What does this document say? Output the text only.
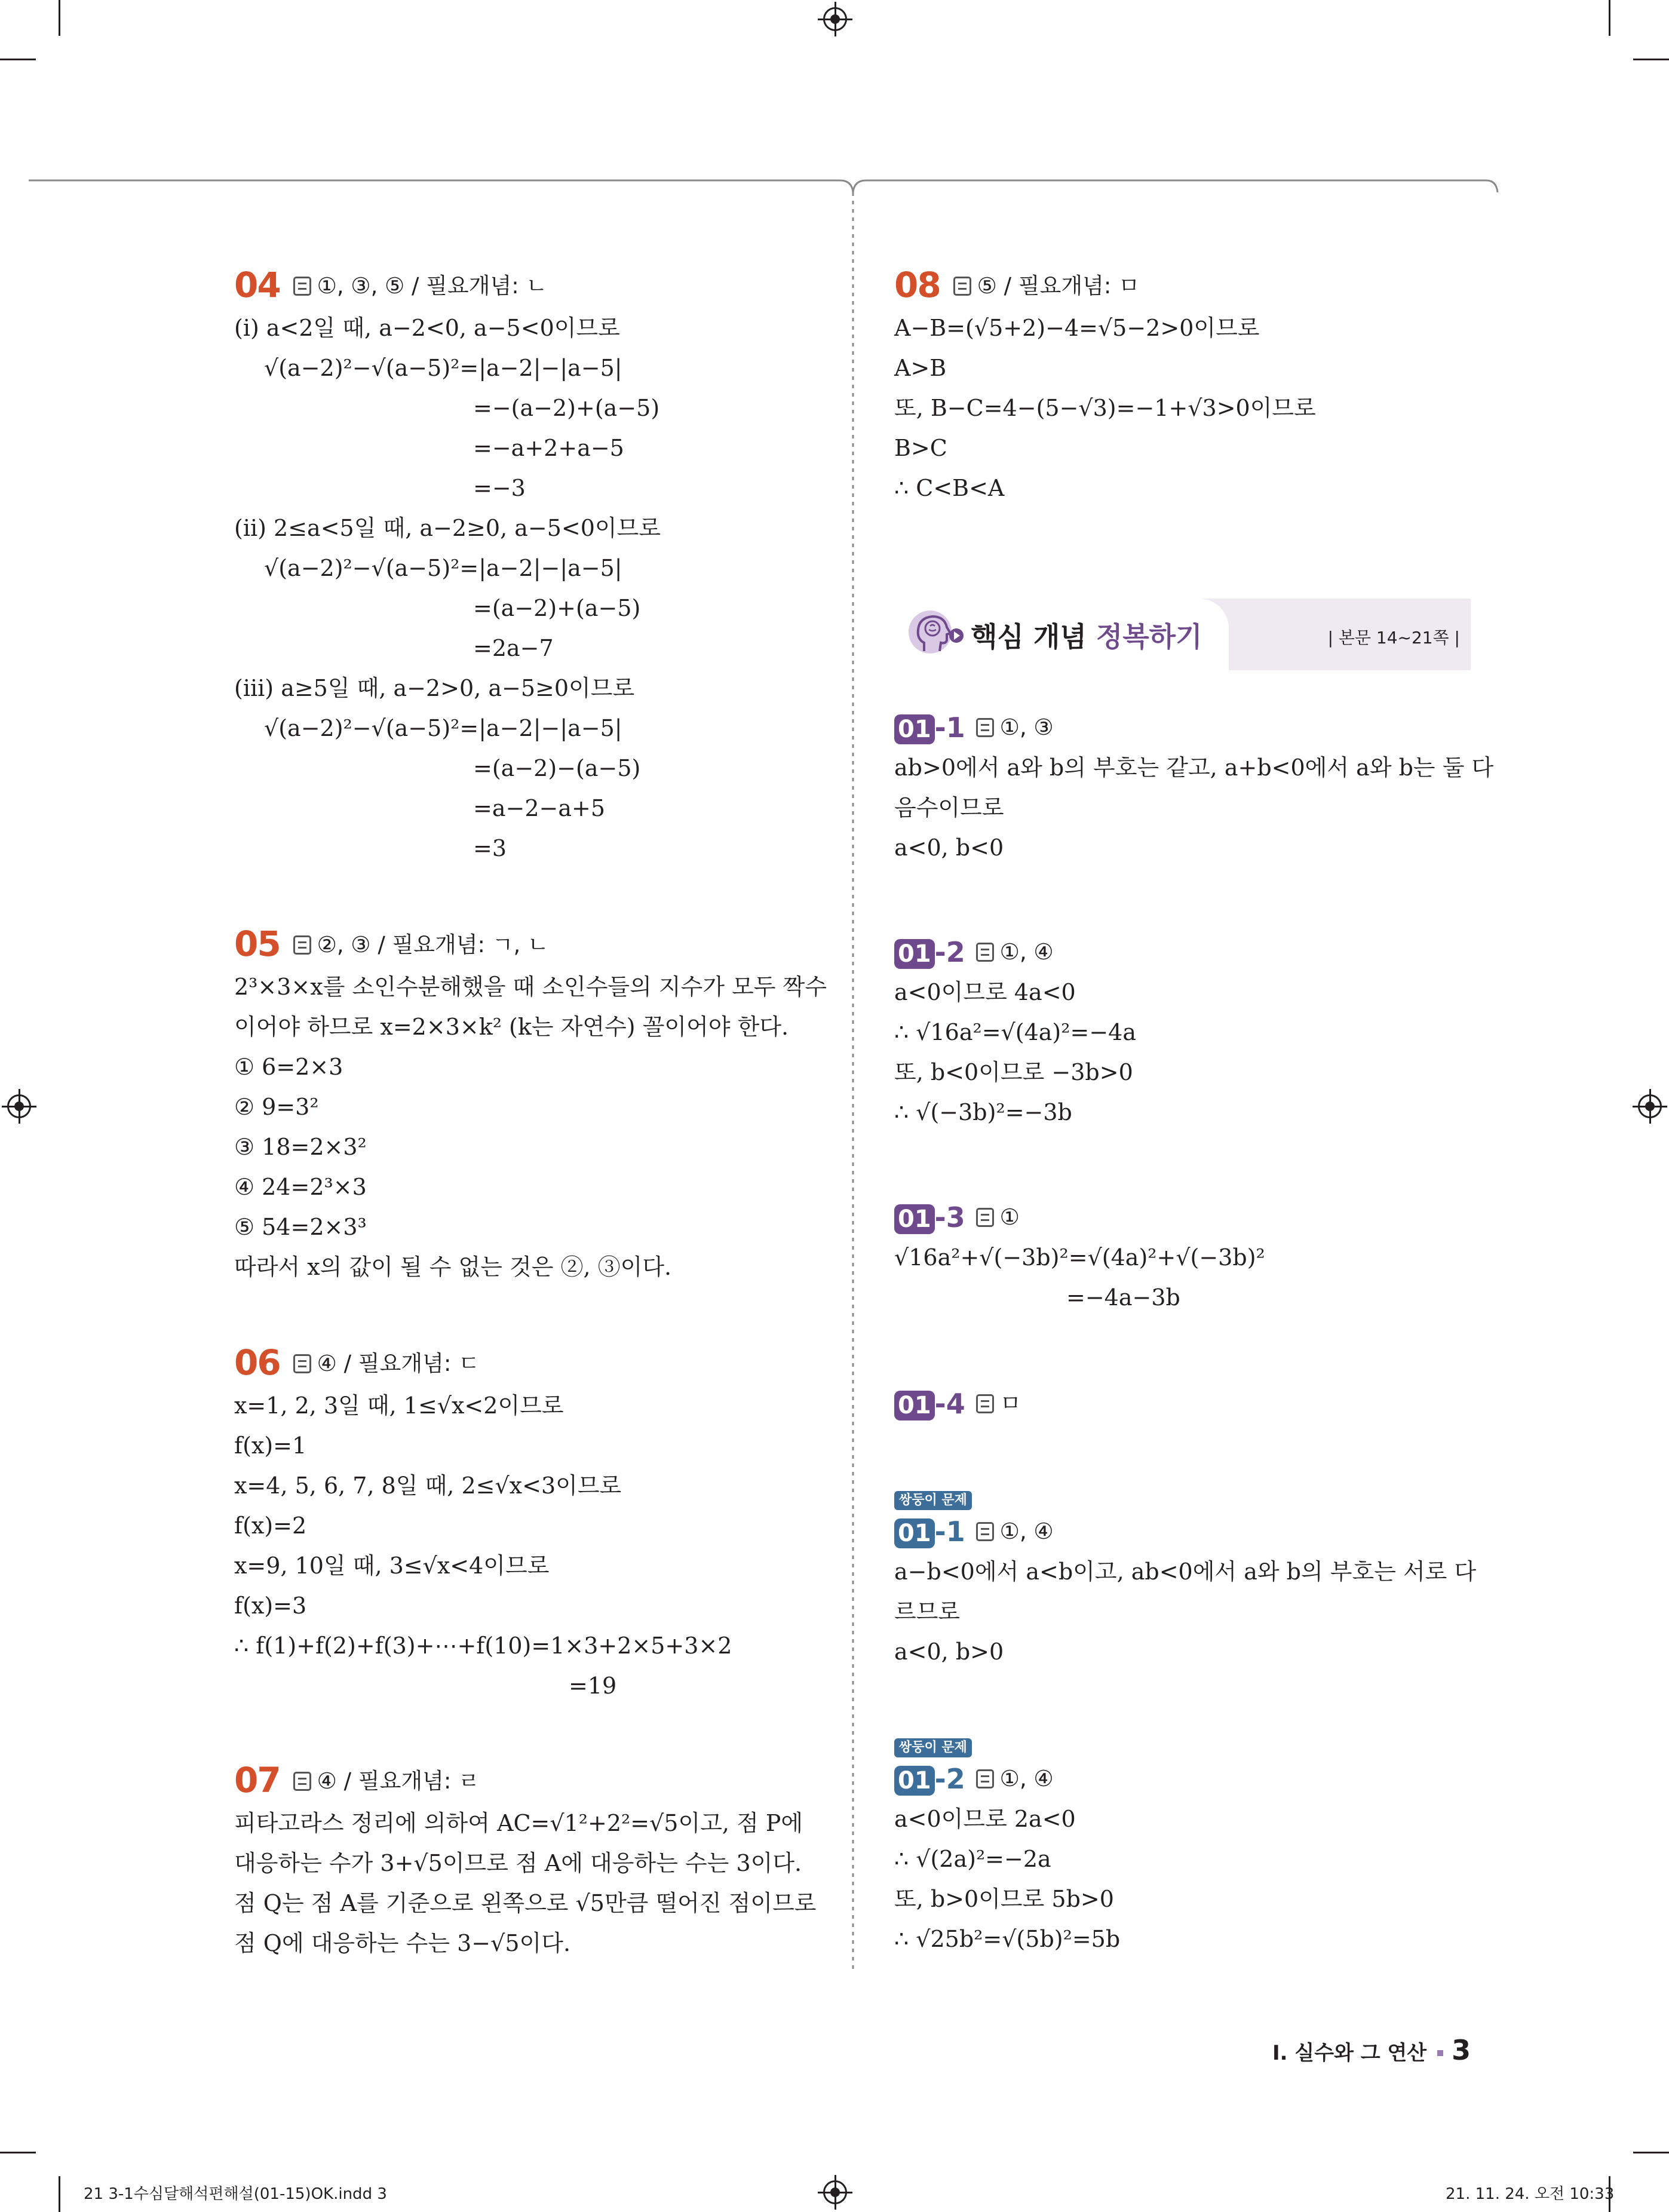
04 ①, ③, ⑤ / 필요개념: ㄴ
(ⅰ) a<2일 때, a−2<0, a−5<0이므로
√(a−2)²−√(a−5)²=|a−2|−|a−5|
=−(a−2)+(a−5)
=−a+2+a−5
=−3
(ⅱ) 2≤a<5일 때, a−2≥0, a−5<0이므로
√(a−2)²−√(a−5)²=|a−2|−|a−5|
=(a−2)+(a−5)
=2a−7
(ⅲ) a≥5일 때, a−2>0, a−5≥0이므로
√(a−2)²−√(a−5)²=|a−2|−|a−5|
=(a−2)−(a−5)
=a−2−a+5
=3
05 ②, ③ / 필요개념: ㄱ, ㄴ
2³×3×x를 소인수분해했을 때 소인수들의 지수가 모두 짝수
이어야 하므로 x=2×3×k² (k는 자연수) 꼴이어야 한다.
① 6=2×3
② 9=3²
③ 18=2×3²
④ 24=2³×3
⑤ 54=2×3³
따라서 x의 값이 될 수 없는 것은 ②, ③이다.
06 ④ / 필요개념: ㄷ
x=1, 2, 3일 때, 1≤√x<2이므로
f(x)=1
x=4, 5, 6, 7, 8일 때, 2≤√x<3이므로
f(x)=2
x=9, 10일 때, 3≤√x<4이므로
f(x)=3
∴ f(1)+f(2)+f(3)+⋯+f(10)=1×3+2×5+3×2
=19
07 ④ / 필요개념: ㄹ
피타고라스 정리에 의하여 AC=√1²+2²=√5이고, 점 P에
대응하는 수가 3+√5이므로 점 A에 대응하는 수는 3이다.
점 Q는 점 A를 기준으로 왼쪽으로 √5만큼 떨어진 점이므로
점 Q에 대응하는 수는 3−√5이다.
08 ⑤ / 필요개념: ㅁ
A−B=(√5+2)−4=√5−2>0이므로
A>B
또, B−C=4−(5−√3)=−1+√3>0이므로
B>C
∴ C<B<A
핵심 개념 정복하기	| 본문 14~21쪽 |
01 -1 ①, ③
ab>0에서 a와 b의 부호는 같고, a+b<0에서 a와 b는 둘 다
음수이므로
a<0, b<0
01 -2 ①, ④
a<0이므로 4a<0
∴ √16a²=√(4a)²=−4a
또, b<0이므로 −3b>0
∴ √(−3b)²=−3b
01 -3 ①
√16a²+√(−3b)²=√(4a)²+√(−3b)²
=−4a−3b
01 -4 ㅁ
쌍둥이 문제
01 -1 ①, ④
a−b<0에서 a<b이고, ab<0에서 a와 b의 부호는 서로 다
르므로
a<0, b>0
쌍둥이 문제
01 -2 ①, ④
a<0이므로 2a<0
∴ √(2a)²=−2a
또, b>0이므로 5b>0
∴ √25b²=√(5b)²=5b
Ⅰ. 실수와 그 연산 3
21 3-1수심달해석편해설(01-15)OK.indd 3	21. 11. 24. 오전 10:33
